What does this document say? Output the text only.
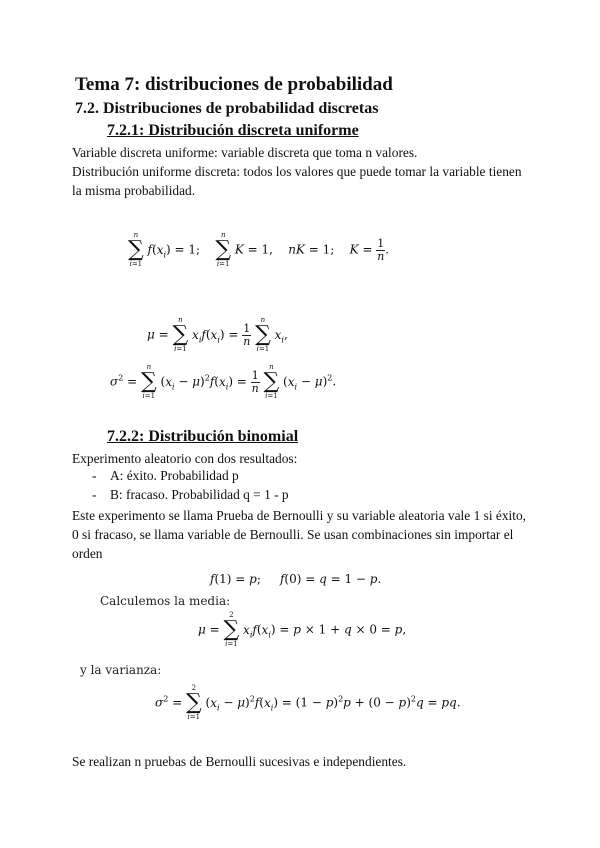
Tema 7: distribuciones de probabilidad
7.2. Distribuciones de probabilidad discretas
7.2.1: Distribución discreta uniforme

Variable discreta uniforme: variable discreta que toma n valores.

Distribución uniforme discreta: todos los valores que puede tomar la variable tienen la misma probabilidad.

n
∑
i=1
$f(x_i) = 1$;
n
∑
i=1
K = 1,    nK = 1;    $K = \frac{1}{n}$ .
μ =
n
∑
i=1
$x_if(x_i) = \frac{1}{n}$

n
∑
i=1
$x_i$,
$\sigma^2$ =
n
∑
i=1
$(x_i - \mu)^2f(x_i) = \frac{1}{n}$

n
∑
i=1
$(x_i - \mu)^2$.
7.2.2: Distribución binomial

Experimento aleatorio con dos resultados:

- A: éxito. Probabilidad p

- B: fracaso. Probabilidad q = 1 - p

Este experimento se llama Prueba de Bernoulli y su variable aleatoria vale 1 si éxito, 0 si fracaso, se llama variable de Bernoulli. Se usan combinaciones sin importar el orden

f(1) = p;     f(0) = q = 1 − p.

Calculemos la media:

μ =
2
∑
i=1
$x_if(x_i) = p \times 1 + q \times 0 = p$,

y la varianza:

$\sigma^2$ =
2
∑
i=1
$(x_i - \mu)^2f(x_i) = (1 - p)^2p + (0 - p)^2q$ = pq.

Se realizan n pruebas de Bernoulli sucesivas e independientes.
